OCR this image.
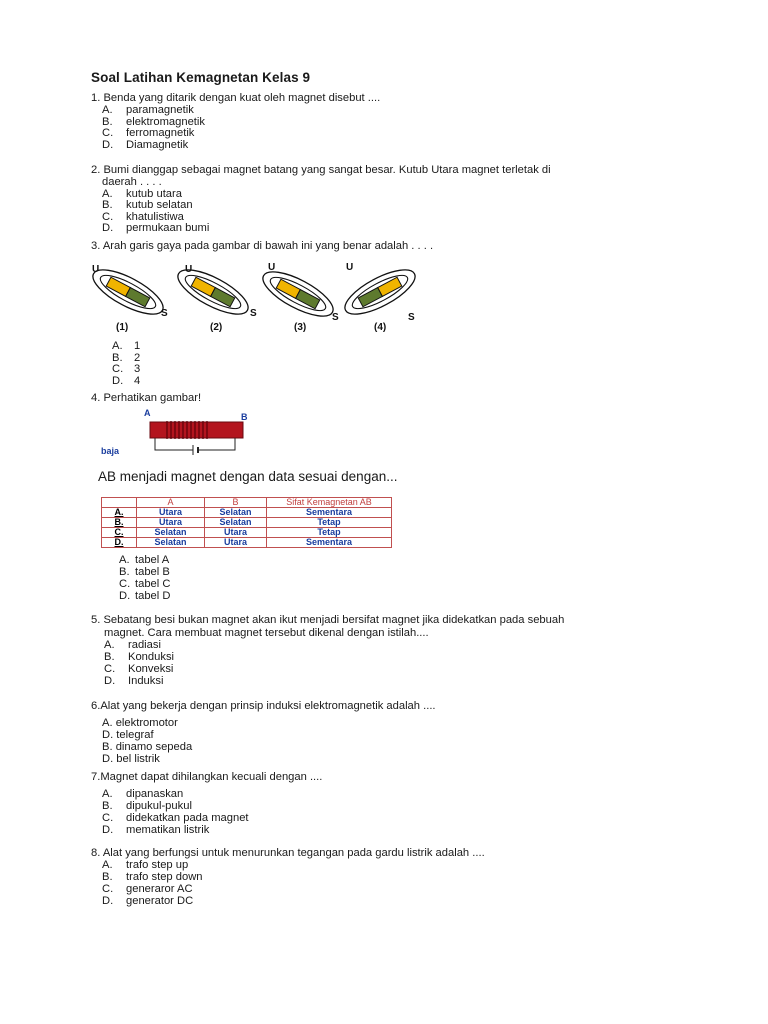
Soal Latihan Kemagnetan Kelas 9
1. Benda yang ditarik dengan kuat oleh magnet disebut ....
A. paramagnetik
B. elektromagnetik
C. ferromagnetik
D. Diamagnetik
2. Bumi dianggap sebagai magnet batang yang sangat besar. Kutub Utara magnet terletak di
daerah . . . .
A. kutub utara
B. kutub selatan
C. khatulistiwa
D. permukaan bumi
3. Arah garis gaya pada gambar di bawah ini yang benar adalah . . . .
U
S
U
S
U
S
U
S
(1)	(2)	(3)	(4)
A. 1
B. 2
C. 3
D. 4
4. Perhatikan gambar!
A	B
baja
AB menjadi magnet dengan data sesuai dengan...
	A	B	Sifat Kemagnetan AB
A.	Utara	Selatan	Sementara
B.	Utara	Selatan	Tetap
C.	Selatan	Utara	Tetap
D.	Selatan	Utara	Sementara
A. tabel A
B. tabel B
C. tabel C
D. tabel D
5. Sebatang besi bukan magnet akan ikut menjadi bersifat magnet jika didekatkan pada sebuah
magnet. Cara membuat magnet tersebut dikenal dengan istilah....
A. radiasi
B. Konduksi
C. Konveksi
D. Induksi
6.Alat yang bekerja dengan prinsip induksi elektromagnetik adalah ....
A. elektromotor
D. telegraf
B. dinamo sepeda
D. bel listrik
7.Magnet dapat dihilangkan kecuali dengan ....
A. dipanaskan
B. dipukul-pukul
C. didekatkan pada magnet
D. mematikan listrik
8. Alat yang berfungsi untuk menurunkan tegangan pada gardu listrik adalah ....
A. trafo step up
B. trafo step down
C. generaror AC
D. generator DC
